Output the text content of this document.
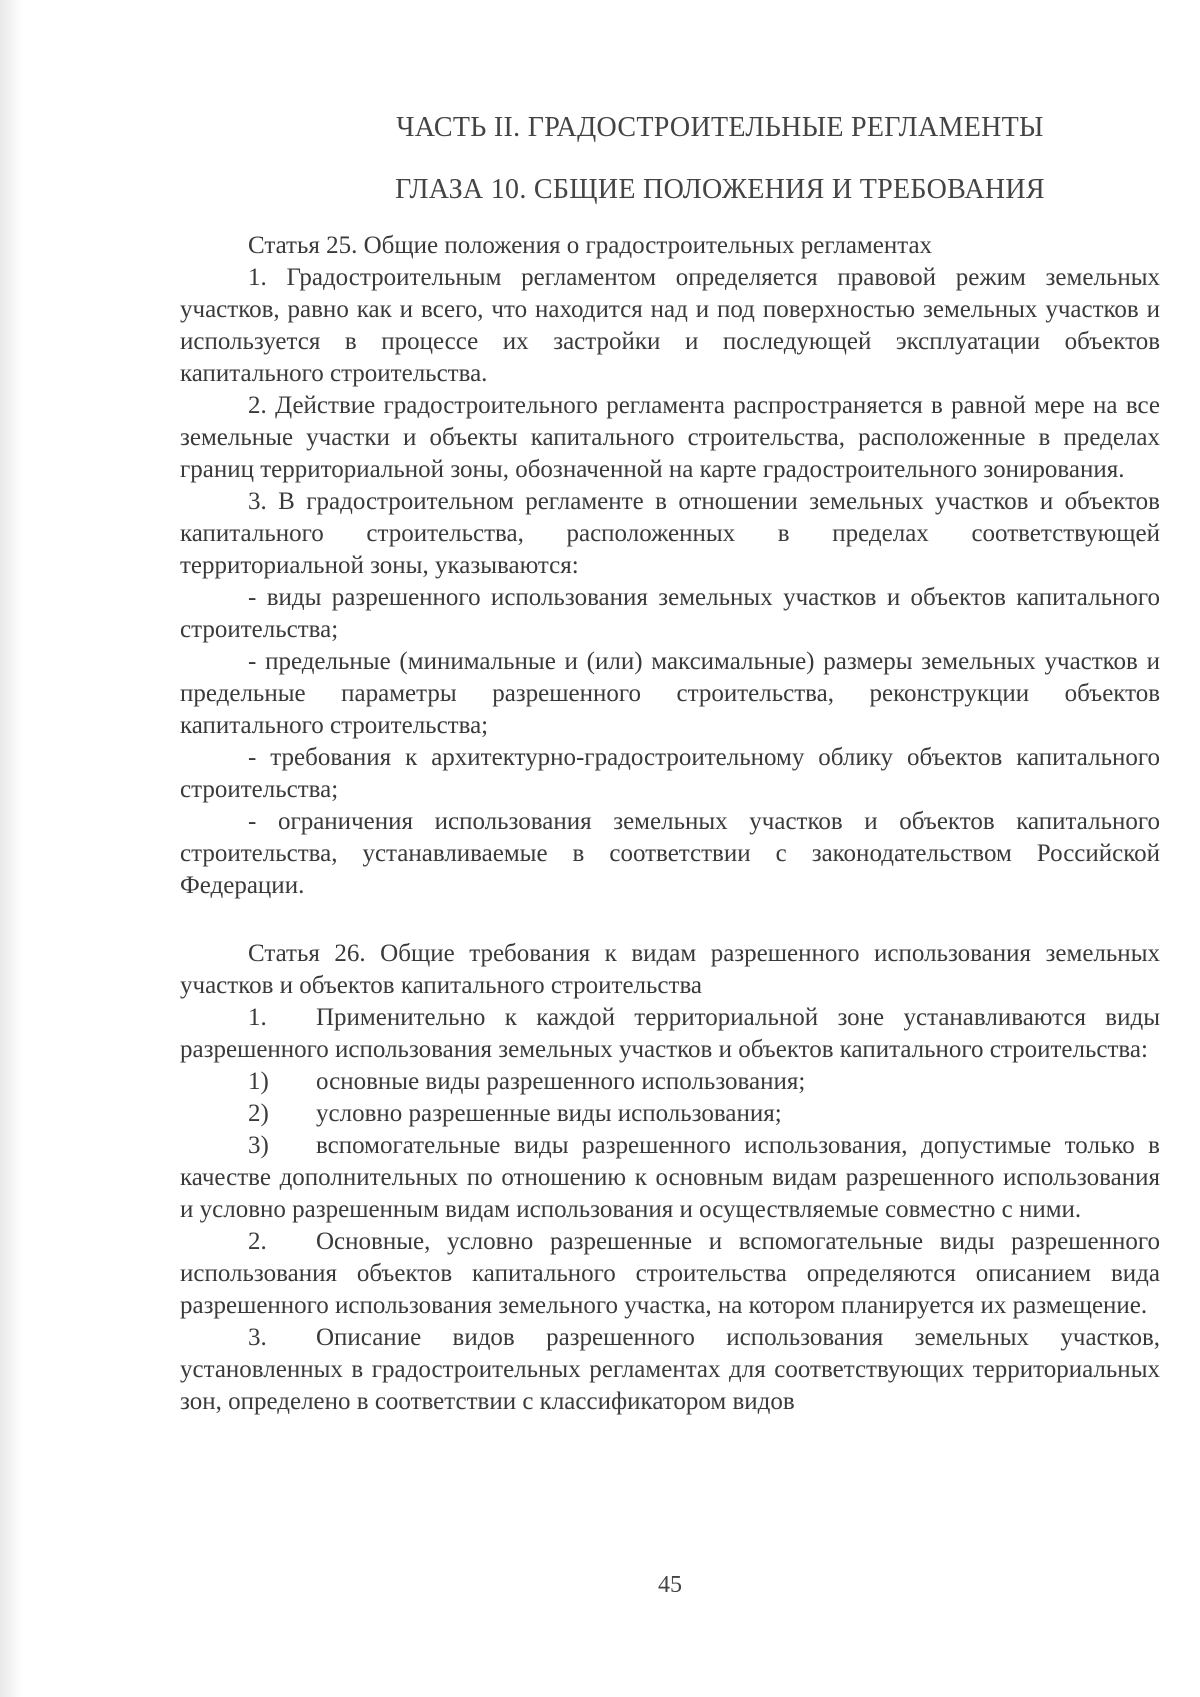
ЧАСТЬ II. ГРАДОСТРОИТЕЛЬНЫЕ РЕГЛАМЕНТЫ
ГЛАЗА 10. СБЩИЕ ПОЛОЖЕНИЯ И ТРЕБОВАНИЯ

Статья 25. Общие положения о градостроительных регламентах

1. Градостроительным регламентом определяется правовой режим земельных участков, равно как и всего, что находится над и под поверхностью земельных участков и используется в процессе их застройки и последующей эксплуатации объектов капитального строительства.

2. Действие градостроительного регламента распространяется в равной мере на все земельные участки и объекты капитального строительства, расположенные в пределах границ территориальной зоны, обозначенной на карте градостроительного зонирования.

3. В градостроительном регламенте в отношении земельных участков и объектов капитального строительства, расположенных в пределах соответствующей территориальной зоны, указываются:

- виды разрешенного использования земельных участков и объектов капитального строительства;

- предельные (минимальные и (или) максимальные) размеры земельных участков и предельные параметры разрешенного строительства, реконструкции объектов капитального строительства;

- требования к архитектурно-градостроительному облику объектов капитального строительства;

- ограничения использования земельных участков и объектов капитального строительства, устанавливаемые в соответствии с законодательством Российской Федерации.

Статья 26. Общие требования к видам разрешенного использования земельных участков и объектов капитального строительства

1. Применительно к каждой территориальной зоне устанавливаются виды разрешенного использования земельных участков и объектов капитального строительства:
1) основные виды разрешенного использования;
2) условно разрешенные виды использования;
3) вспомогательные виды разрешенного использования, допустимые только в качестве дополнительных по отношению к основным видам разрешенного использования и условно разрешенным видам использования и осуществляемые совместно с ними.
2. Основные, условно разрешенные и вспомогательные виды разрешенного использования объектов капитального строительства определяются описанием вида разрешенного использования земельного участка, на котором планируется их размещение.
3. Описание видов разрешенного использования земельных участков, установленных в градостроительных регламентах для соответствующих территориальных зон, определено в соответствии с классификатором видов
45
